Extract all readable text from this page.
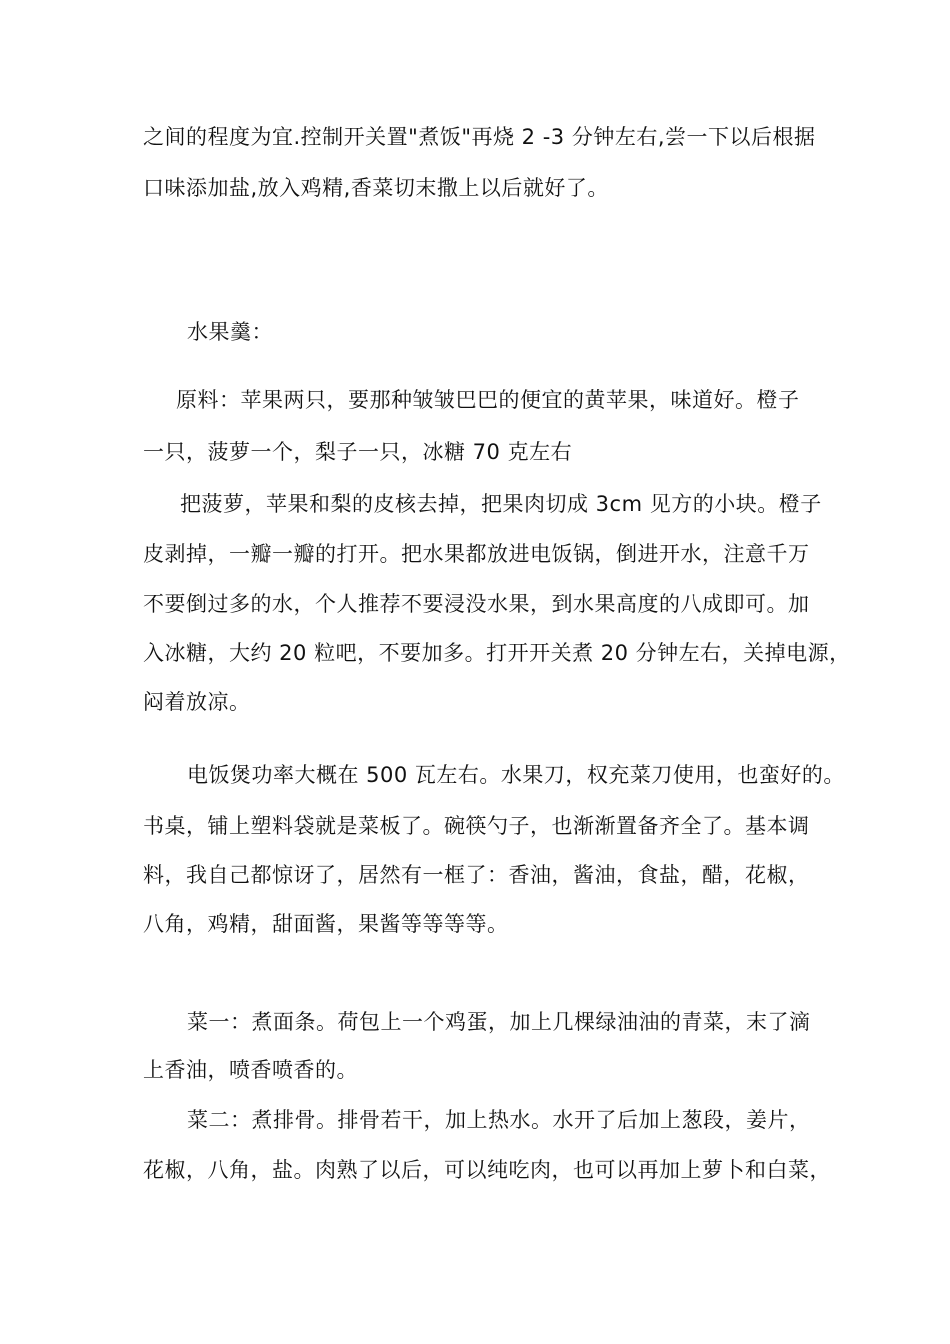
之间的程度为宜.控制开关置"煮饭"再烧 2 -3 分钟左右,尝一下以后根据
口味添加盐,放入鸡精,香菜切末撒上以后就好了。
水果羹：
原料：苹果两只，要那种皱皱巴巴的便宜的黄苹果，味道好。橙子
一只，菠萝一个，梨子一只，冰糖 70 克左右
把菠萝，苹果和梨的皮核去掉，把果肉切成 3cm 见方的小块。橙子
皮剥掉，一瓣一瓣的打开。把水果都放进电饭锅，倒进开水，注意千万
不要倒过多的水，个人推荐不要浸没水果，到水果高度的八成即可。加
入冰糖，大约 20 粒吧，不要加多。打开开关煮 20 分钟左右，关掉电源，
闷着放凉。
电饭煲功率大概在 500 瓦左右。水果刀，权充菜刀使用，也蛮好的。
书桌，铺上塑料袋就是菜板了。碗筷勺子，也渐渐置备齐全了。基本调
料，我自己都惊讶了，居然有一框了：香油，酱油，食盐，醋，花椒，
八角，鸡精，甜面酱，果酱等等等等。
菜一：煮面条。荷包上一个鸡蛋，加上几棵绿油油的青菜，末了滴
上香油，喷香喷香的。
菜二：煮排骨。排骨若干，加上热水。水开了后加上葱段，姜片，
花椒，八角，盐。肉熟了以后，可以纯吃肉，也可以再加上萝卜和白菜，
